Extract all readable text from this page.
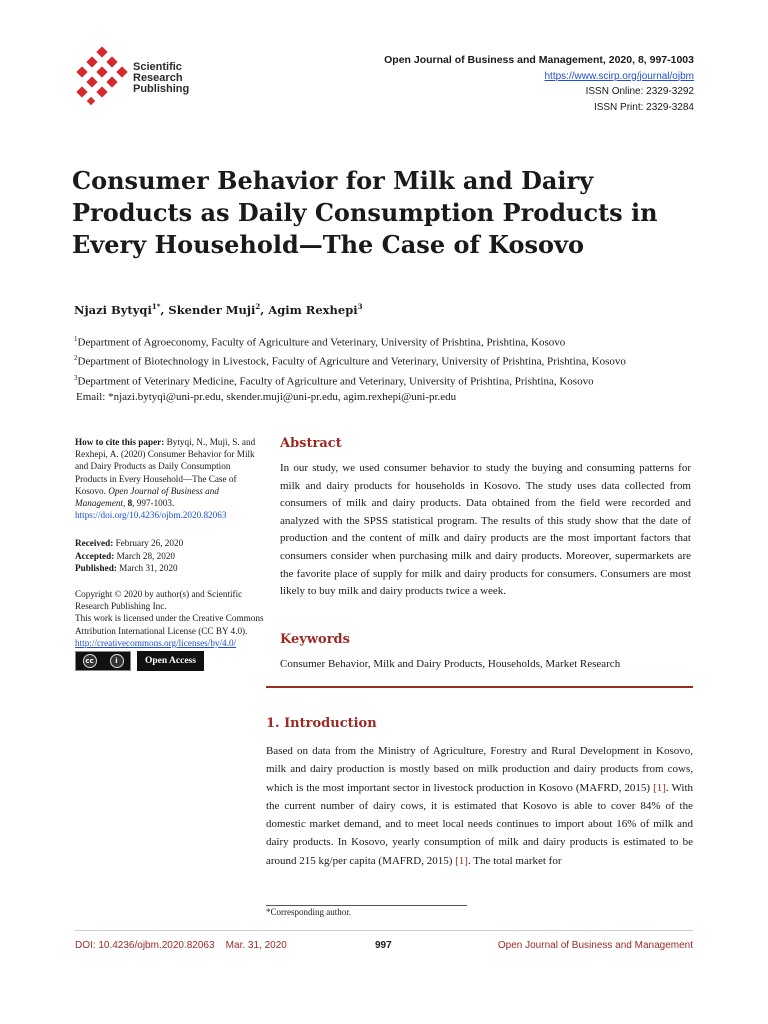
Scientific
Research
Publishing
Open Journal of Business and Management, 2020, 8, 997-1003
https://www.scirp.org/journal/ojbm
ISSN Online: 2329-3292
ISSN Print: 2329-3284
Consumer Behavior for Milk and Dairy Products as Daily Consumption Products in Every Household—The Case of Kosovo
Njazi Bytyqi$^{1*}$, Skender Muji$^2$, Agim Rexhepi$^3$
$^1$Department of Agroeconomy, Faculty of Agriculture and Veterinary, University of Prishtina, Prishtina, Kosovo
$^2$Department of Biotechnology in Livestock, Faculty of Agriculture and Veterinary, University of Prishtina, Prishtina, Kosovo
$^3$Department of Veterinary Medicine, Faculty of Agriculture and Veterinary, University of Prishtina, Prishtina, Kosovo
Email: *njazi.bytyqi@uni-pr.edu, skender.muji@uni-pr.edu, agim.rexhepi@uni-pr.edu
How to cite this paper: Bytyqi, N., Muji, S. and Rexhepi, A. (2020) Consumer Behavior for Milk and Dairy Products as Daily Consumption Products in Every Household—The Case of Kosovo. Open Journal of Business and Management, 8, 997-1003.
https://doi.org/10.4236/ojbm.2020.82063
Received: February 26, 2020
Accepted: March 28, 2020
Published: March 31, 2020
Copyright © 2020 by author(s) and Scientific Research Publishing Inc.
This work is licensed under the Creative Commons Attribution International License (CC BY 4.0).
http://creativecommons.org/licenses/by/4.0/
cc	i	Open Access
Abstract

In our study, we used consumer behavior to study the buying and consuming patterns for milk and dairy products for households in Kosovo. The study uses data collected from consumers of milk and dairy products. Data obtained from the field were recorded and analyzed with the SPSS statistical program. The results of this study show that the date of production and the content of milk and dairy products are the most important factors that consumers consider when purchasing milk and dairy products. Moreover, supermarkets are the favorite place of supply for milk and dairy products for consumers. Consumers are most likely to buy milk and dairy products twice a week.

Keywords

Consumer Behavior, Milk and Dairy Products, Households, Market Research

1. Introduction

Based on data from the Ministry of Agriculture, Forestry and Rural Development in Kosovo, milk and dairy production is mostly based on milk production and dairy products from cows, which is the most important sector in livestock production in Kosovo (MAFRD, 2015) [1]. With the current number of dairy cows, it is estimated that Kosovo is able to cover 84% of the domestic market demand, and to meet local needs continues to import about 16% of milk and dairy products. In Kosovo, yearly consumption of milk and dairy products is estimated to be around 215 kg/per capita (MAFRD, 2015) [1]. The total market for

*Corresponding author.
DOI: 10.4236/ojbm.2020.82063 Mar. 31, 2020	997	Open Journal of Business and Management
